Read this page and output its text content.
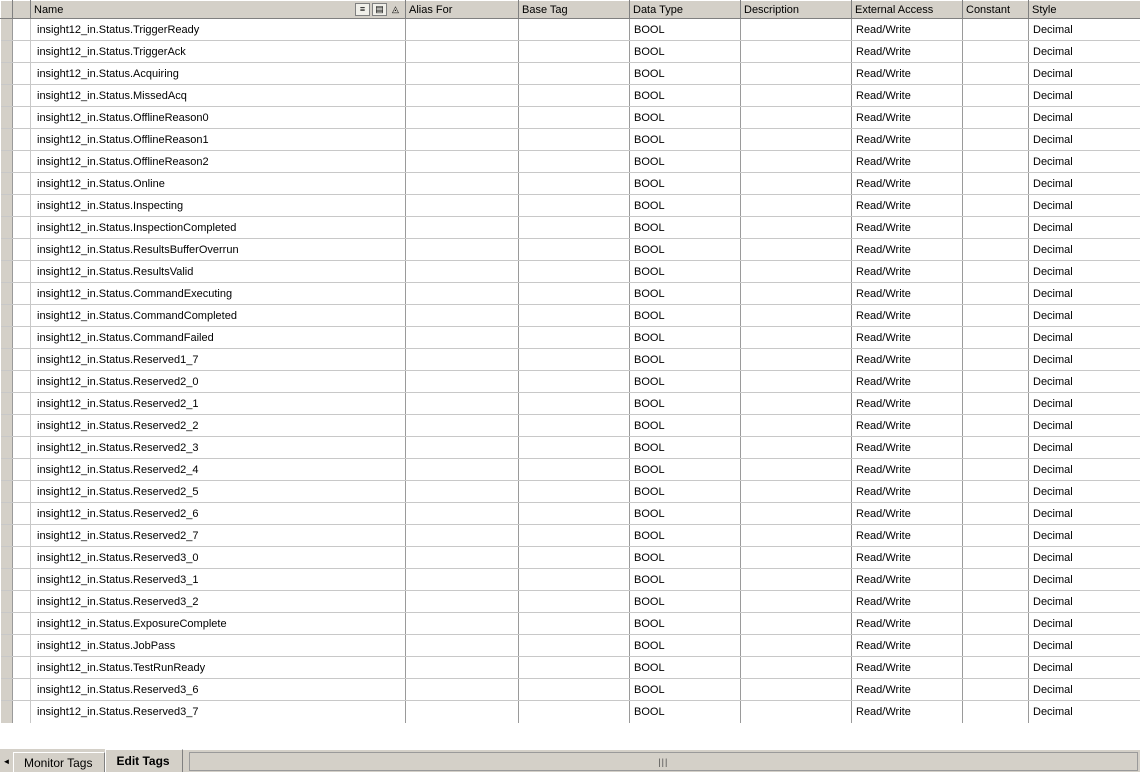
		Name ≡ ▤ ◬	Alias For	Base Tag	Data Type	Description	External Access	Constant	Style
		insight12_in.Status.TriggerReady			BOOL		Read/Write		Decimal
		insight12_in.Status.TriggerAck			BOOL		Read/Write		Decimal
		insight12_in.Status.Acquiring			BOOL		Read/Write		Decimal
		insight12_in.Status.MissedAcq			BOOL		Read/Write		Decimal
		insight12_in.Status.OfflineReason0			BOOL		Read/Write		Decimal
		insight12_in.Status.OfflineReason1			BOOL		Read/Write		Decimal
		insight12_in.Status.OfflineReason2			BOOL		Read/Write		Decimal
		insight12_in.Status.Online			BOOL		Read/Write		Decimal
		insight12_in.Status.Inspecting			BOOL		Read/Write		Decimal
		insight12_in.Status.InspectionCompleted			BOOL		Read/Write		Decimal
		insight12_in.Status.ResultsBufferOverrun			BOOL		Read/Write		Decimal
		insight12_in.Status.ResultsValid			BOOL		Read/Write		Decimal
		insight12_in.Status.CommandExecuting			BOOL		Read/Write		Decimal
		insight12_in.Status.CommandCompleted			BOOL		Read/Write		Decimal
		insight12_in.Status.CommandFailed			BOOL		Read/Write		Decimal
		insight12_in.Status.Reserved1_7			BOOL		Read/Write		Decimal
		insight12_in.Status.Reserved2_0			BOOL		Read/Write		Decimal
		insight12_in.Status.Reserved2_1			BOOL		Read/Write		Decimal
		insight12_in.Status.Reserved2_2			BOOL		Read/Write		Decimal
		insight12_in.Status.Reserved2_3			BOOL		Read/Write		Decimal
		insight12_in.Status.Reserved2_4			BOOL		Read/Write		Decimal
		insight12_in.Status.Reserved2_5			BOOL		Read/Write		Decimal
		insight12_in.Status.Reserved2_6			BOOL		Read/Write		Decimal
		insight12_in.Status.Reserved2_7			BOOL		Read/Write		Decimal
		insight12_in.Status.Reserved3_0			BOOL		Read/Write		Decimal
		insight12_in.Status.Reserved3_1			BOOL		Read/Write		Decimal
		insight12_in.Status.Reserved3_2			BOOL		Read/Write		Decimal
		insight12_in.Status.ExposureComplete			BOOL		Read/Write		Decimal
		insight12_in.Status.JobPass			BOOL		Read/Write		Decimal
		insight12_in.Status.TestRunReady			BOOL		Read/Write		Decimal
		insight12_in.Status.Reserved3_6			BOOL		Read/Write		Decimal
		insight12_in.Status.Reserved3_7			BOOL		Read/Write		Decimal
◄	Monitor Tags	Edit Tags	|||
